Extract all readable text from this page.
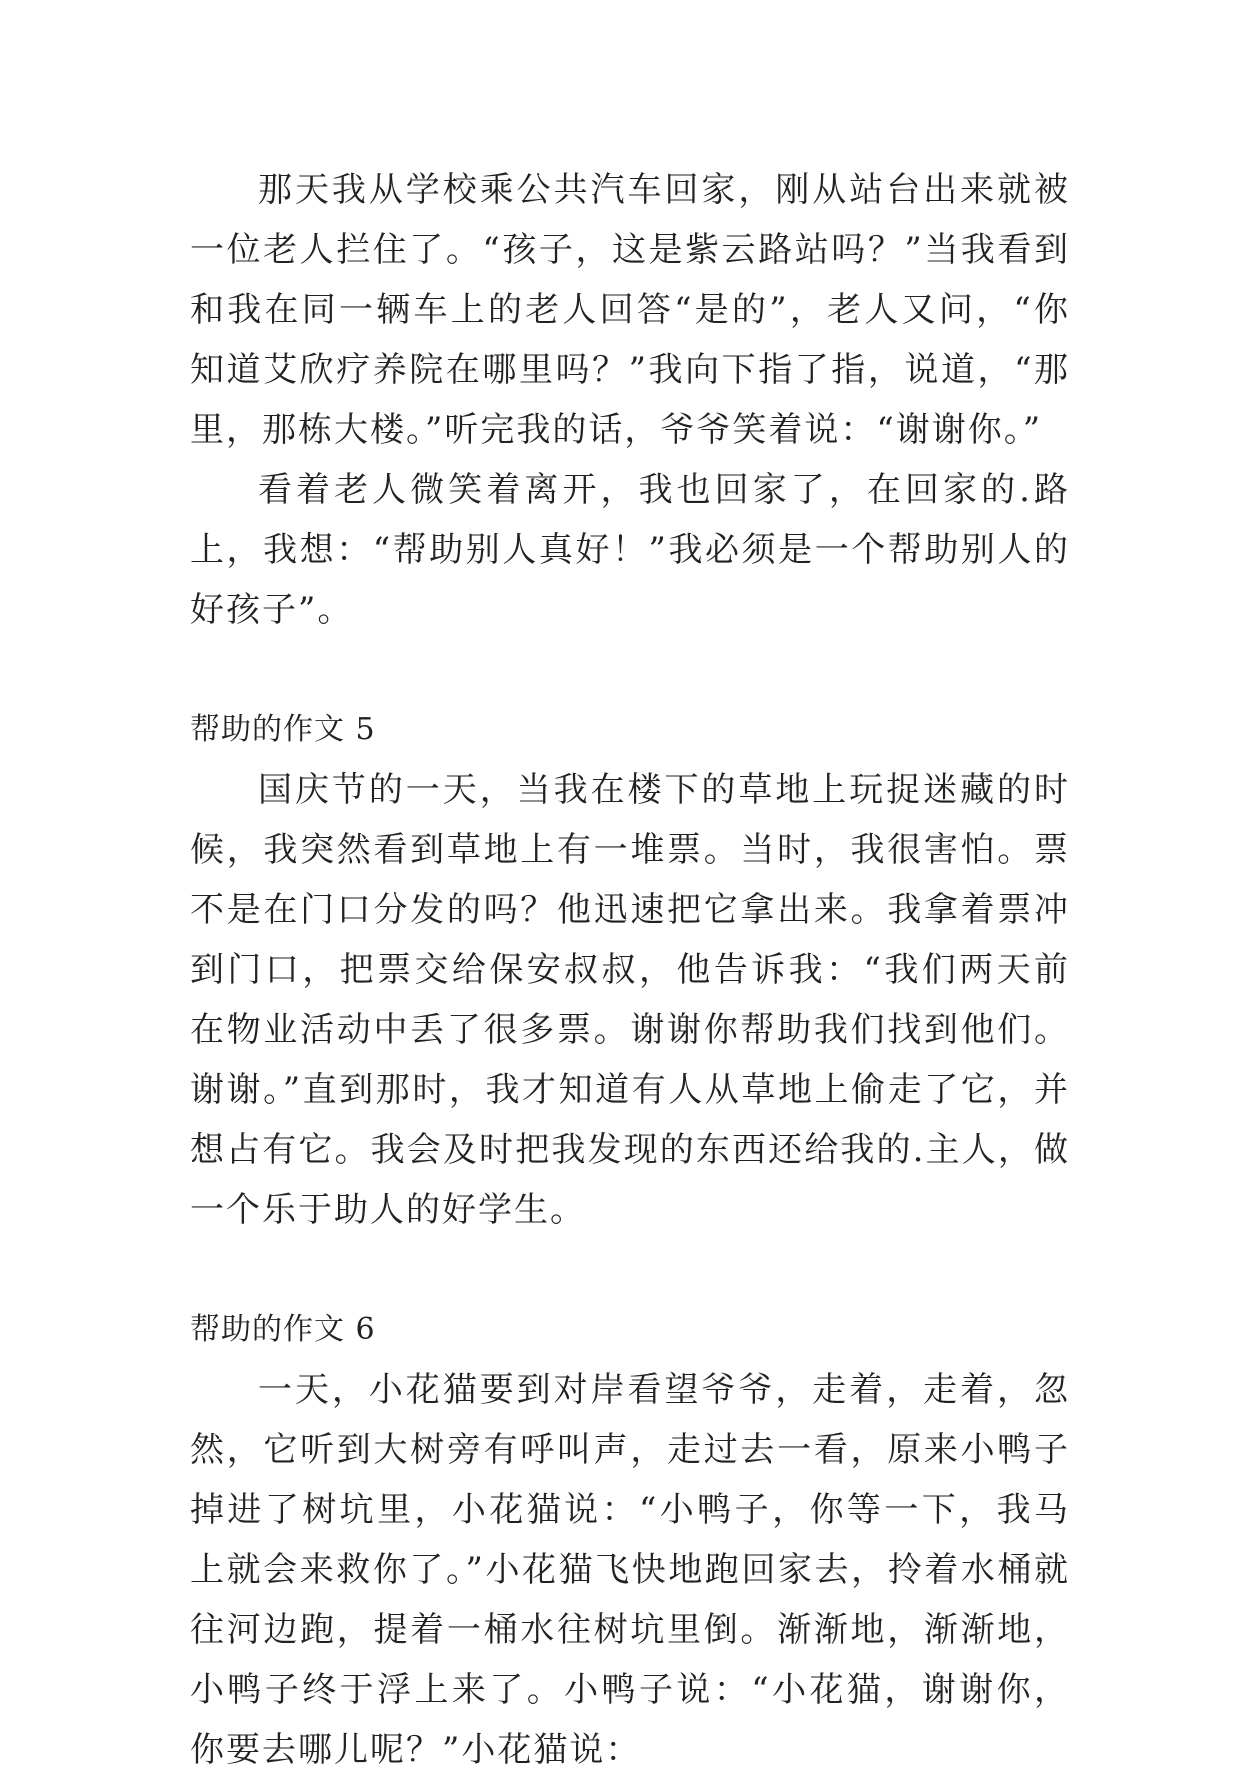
那天我从学校乘公共汽车回家，刚从站台出来就被一位老人拦住了。“孩子，这是紫云路站吗？”当我看到和我在同一辆车上的老人回答“是的”，老人又问，“你知道艾欣疗养院在哪里吗？”我向下指了指，说道，“那里，那栋大楼。”听完我的话，爷爷笑着说：“谢谢你。”

看着老人微笑着离开，我也回家了，在回家的.路上，我想：“帮助别人真好！”我必须是一个帮助别人的好孩子”。

帮助的作文 5

国庆节的一天，当我在楼下的草地上玩捉迷藏的时候，我突然看到草地上有一堆票。当时，我很害怕。票不是在门口分发的吗？他迅速把它拿出来。我拿着票冲到门口，把票交给保安叔叔，他告诉我：“我们两天前在物业活动中丢了很多票。谢谢你帮助我们找到他们。谢谢。”直到那时，我才知道有人从草地上偷走了它，并想占有它。我会及时把我发现的东西还给我的.主人，做一个乐于助人的好学生。

帮助的作文 6

一天，小花猫要到对岸看望爷爷，走着，走着，忽然，它听到大树旁有呼叫声，走过去一看，原来小鸭子掉进了树坑里，小花猫说：“小鸭子，你等一下，我马上就会来救你了。”小花猫飞快地跑回家去，拎着水桶就往河边跑，提着一桶水往树坑里倒。渐渐地，渐渐地，小鸭子终于浮上来了。小鸭子说：“小花猫，谢谢你，你要去哪儿呢？”小花猫说：
